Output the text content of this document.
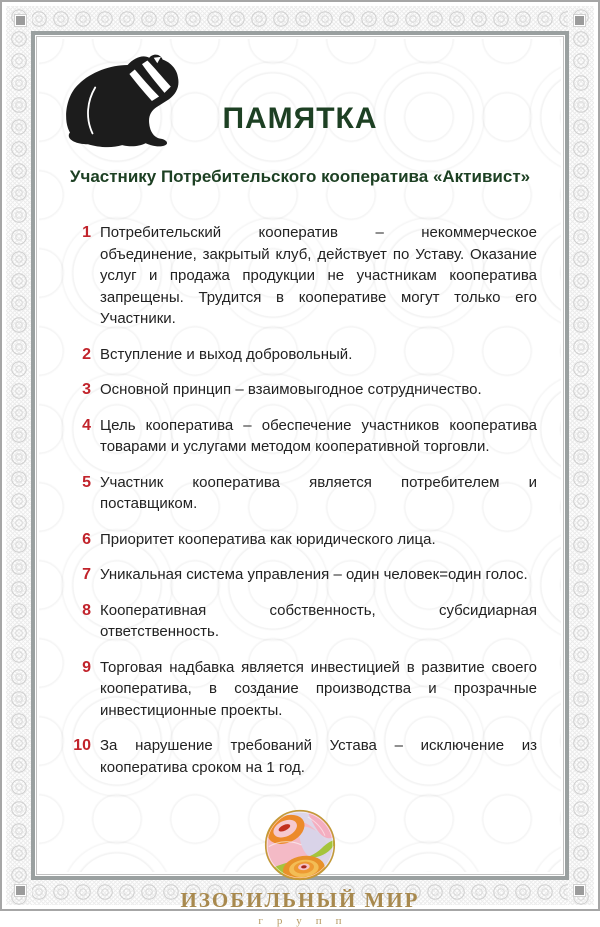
ПАМЯТКА
Участнику Потребительского кооператива «Активист»
1 Потребительский кооператив – некоммерческое объединение, закрытый клуб, действует по Уставу. Оказание услуг и продажа продукции не участникам кооператива запрещены. Трудится в кооперативе могут только его Участники.
2 Вступление и выход добровольный.
3 Основной принцип – взаимовыгодное сотрудничество.
4 Цель кооператива – обеспечение участников кооператива товарами и услугами методом кооперативной торговли.
5 Участник кооператива является потребителем и поставщиком.
6 Приоритет кооператива как юридического лица.
7 Уникальная система управления – один человек=один голос.
8 Кооперативная собственность, субсидиарная ответственность.
9 Торговая надбавка является инвестицией в развитие своего кооператива, в создание производства и прозрачные инвестиционные проекты.
10 За нарушение требований Устава – исключение из кооператива сроком на 1 год.
ИЗОБИЛЬНЫЙ МИР
групп
